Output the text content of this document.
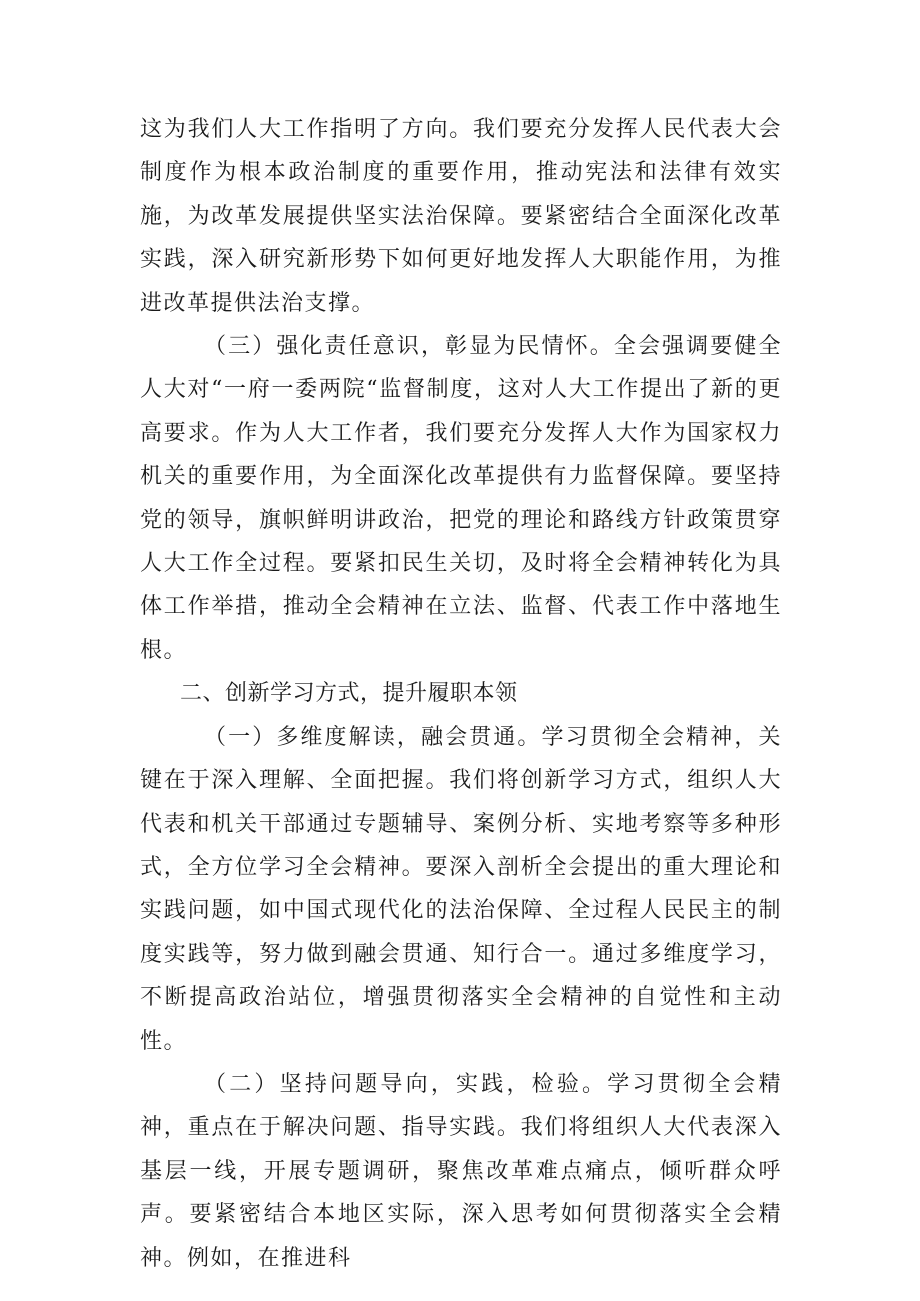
这为我们人大工作指明了方向。我们要充分发挥人民代表大会制度作为根本政治制度的重要作用，推动宪法和法律有效实施，为改革发展提供坚实法治保障。要紧密结合全面深化改革实践，深入研究新形势下如何更好地发挥人大职能作用，为推进改革提供法治支撑。

（三）强化责任意识，彰显为民情怀。全会强调要健全人大对“一府一委两院“监督制度，这对人大工作提出了新的更高要求。作为人大工作者，我们要充分发挥人大作为国家权力机关的重要作用，为全面深化改革提供有力监督保障。要坚持党的领导，旗帜鲜明讲政治，把党的理论和路线方针政策贯穿人大工作全过程。要紧扣民生关切，及时将全会精神转化为具体工作举措，推动全会精神在立法、监督、代表工作中落地生根。

二、创新学习方式，提升履职本领

（一）多维度解读，融会贯通。学习贯彻全会精神，关键在于深入理解、全面把握。我们将创新学习方式，组织人大代表和机关干部通过专题辅导、案例分析、实地考察等多种形式，全方位学习全会精神。要深入剖析全会提出的重大理论和实践问题，如中国式现代化的法治保障、全过程人民民主的制度实践等，努力做到融会贯通、知行合一。通过多维度学习，不断提高政治站位，增强贯彻落实全会精神的自觉性和主动性。

（二）坚持问题导向，实践，检验。学习贯彻全会精神，重点在于解决问题、指导实践。我们将组织人大代表深入基层一线，开展专题调研，聚焦改革难点痛点，倾听群众呼声。要紧密结合本地区实际，深入思考如何贯彻落实全会精神。例如，在推进科
